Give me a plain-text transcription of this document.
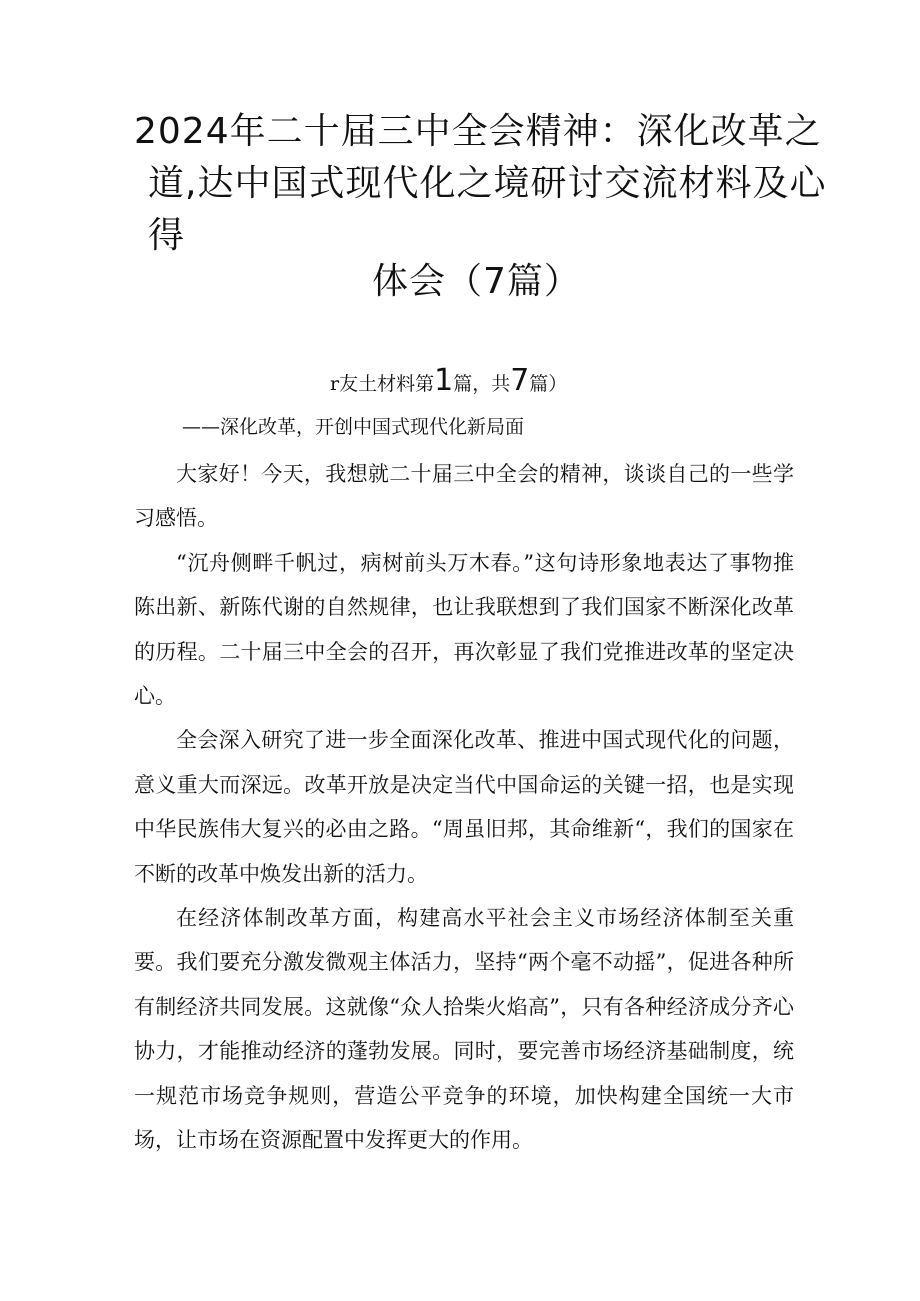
2024年二十届三中全会精神：深化改革之
道,达中国式现代化之境研讨交流材料及心
得
体会（7篇）
r友土材料第1篇，共7篇）
——深化改革，开创中国式现代化新局面

大家好！今天，我想就二十届三中全会的精神，谈谈自己的一些学习感悟。

“沉舟侧畔千帆过，病树前头万木春。”这句诗形象地表达了事物推陈出新、新陈代谢的自然规律，也让我联想到了我们国家不断深化改革的历程。二十届三中全会的召开，再次彰显了我们党推进改革的坚定决心。

全会深入研究了进一步全面深化改革、推进中国式现代化的问题，意义重大而深远。改革开放是决定当代中国命运的关键一招，也是实现中华民族伟大复兴的必由之路。“周虽旧邦，其命维新“，我们的国家在不断的改革中焕发出新的活力。

在经济体制改革方面，构建高水平社会主义市场经济体制至关重要。我们要充分激发微观主体活力，坚持“两个毫不动摇”，促进各种所有制经济共同发展。这就像“众人拾柴火焰高”，只有各种经济成分齐心协力，才能推动经济的蓬勃发展。同时，要完善市场经济基础制度，统一规范市场竞争规则，营造公平竞争的环境，加快构建全国统一大市场，让市场在资源配置中发挥更大的作用。
